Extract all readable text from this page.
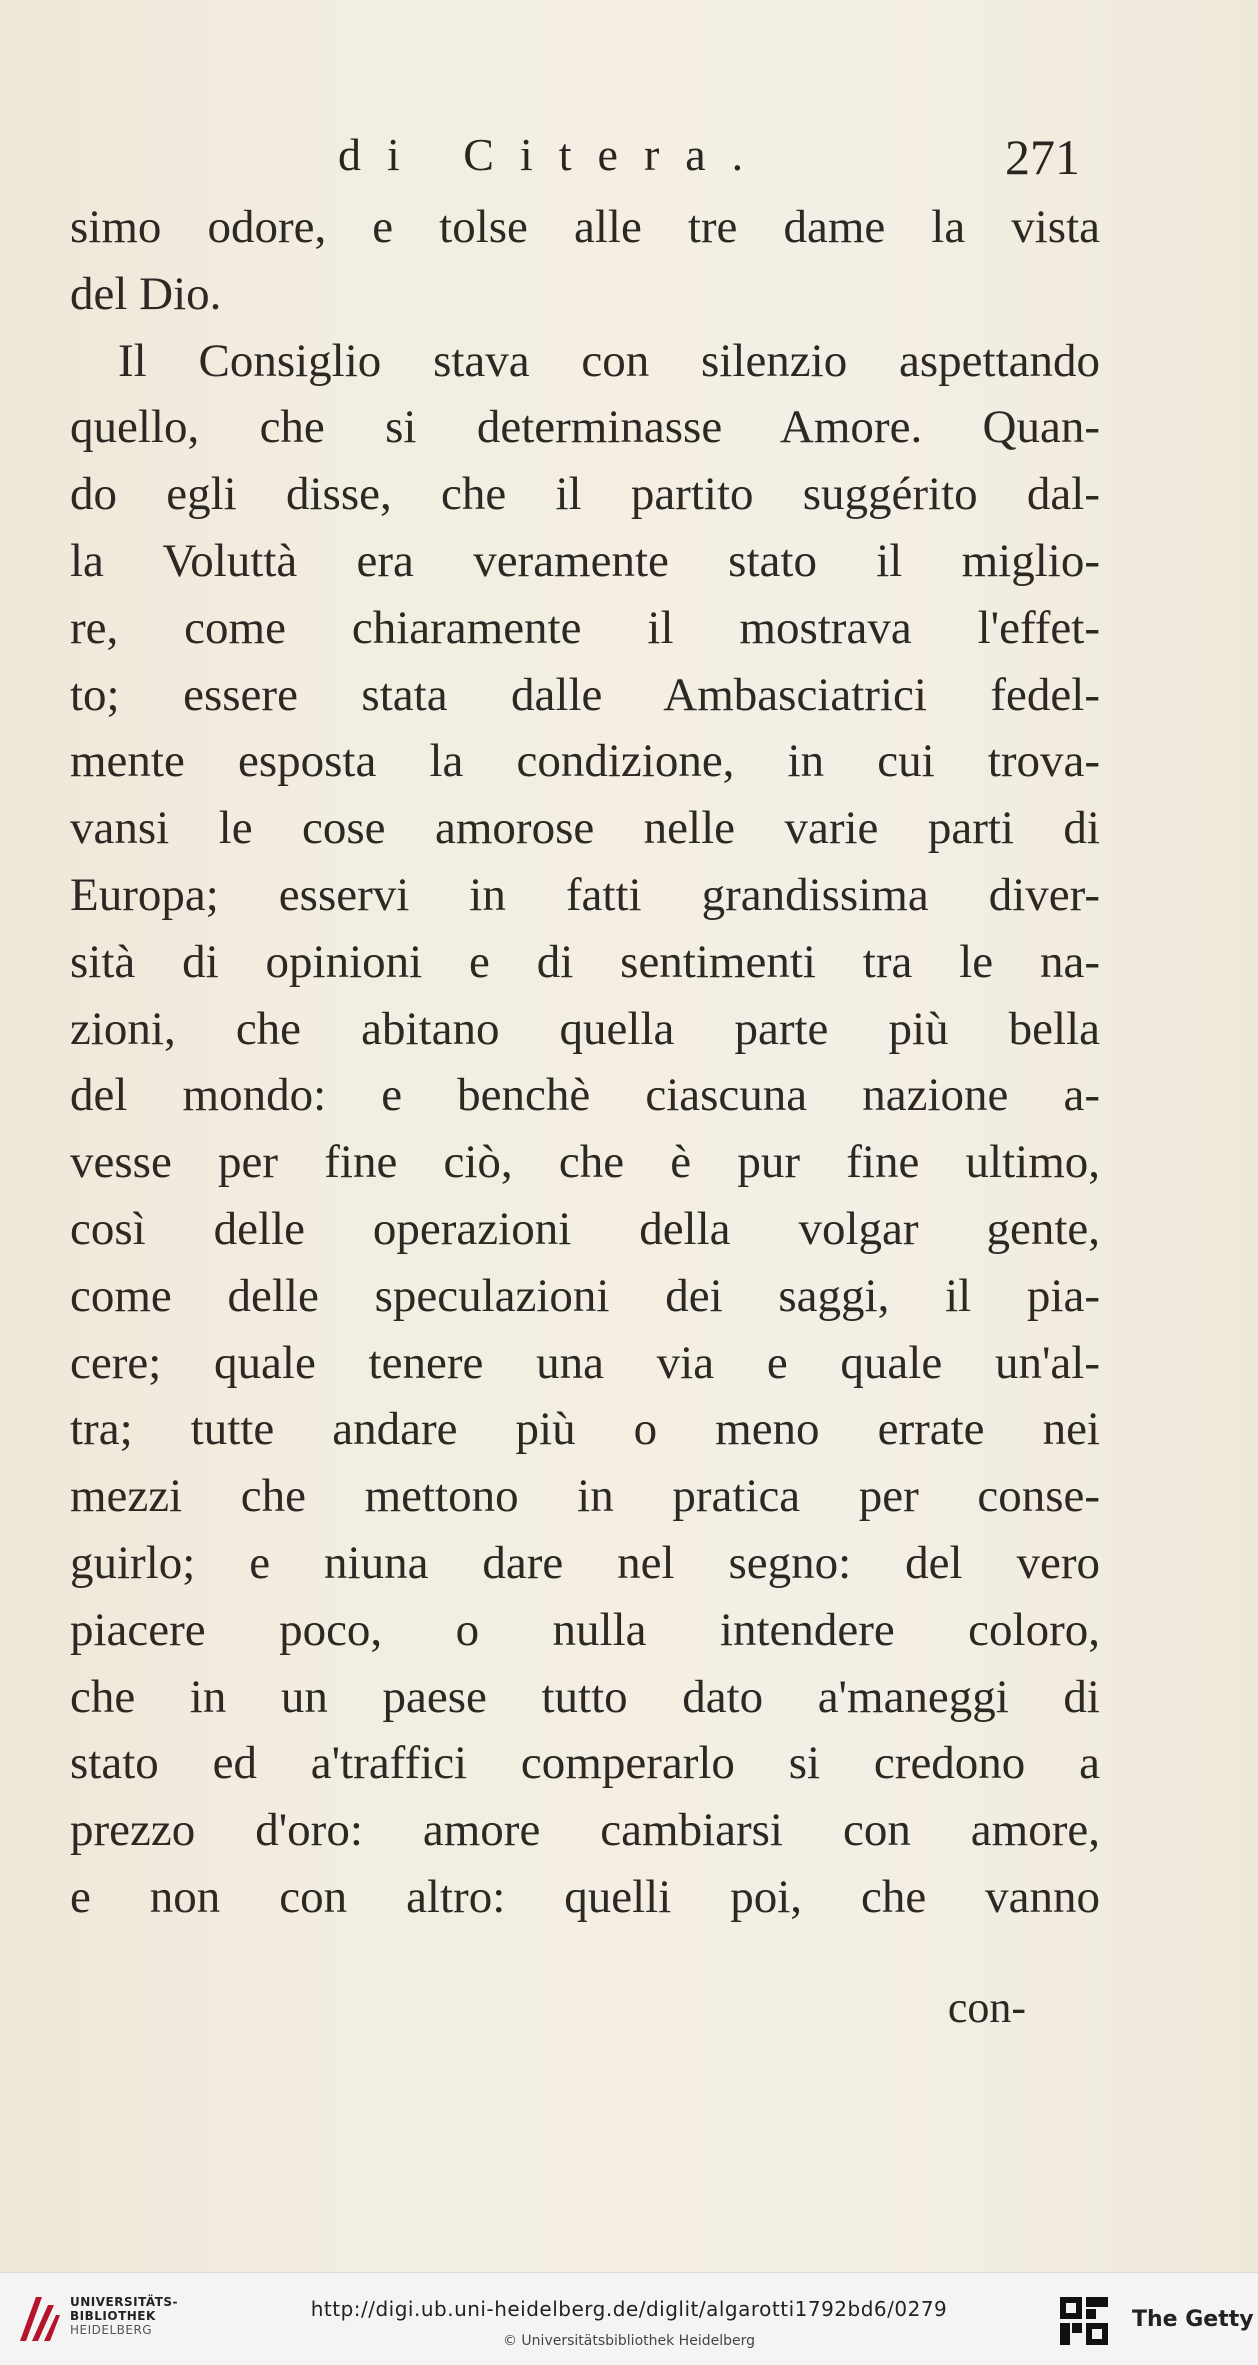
di Citera.	271
simo odore, e tolse alle tre dame la vista
del Dio.
Il Consiglio stava con silenzio aspettando
quello, che si determinasse Amore. Quan-
do egli disse, che il partito suggérito dal-
la Voluttà era veramente stato il miglio-
re, come chiaramente il mostrava l'effet-
to; essere stata dalle Ambasciatrici fedel-
mente esposta la condizione, in cui trova-
vansi le cose amorose nelle varie parti di
Europa; esservi in fatti grandissima diver-
sità di opinioni e di sentimenti tra le na-
zioni, che abitano quella parte più bella
del mondo: e benchè ciascuna nazione a-
vesse per fine ciò, che è pur fine ultimo,
così delle operazioni della volgar gente,
come delle speculazioni dei saggi, il pia-
cere; quale tenere una via e quale un'al-
tra; tutte andare più o meno errate nei
mezzi che mettono in pratica per conse-
guirlo; e niuna dare nel segno: del vero
piacere poco, o nulla intendere coloro,
che in un paese tutto dato a'maneggi di
stato ed a'traffici comperarlo si credono a
prezzo d'oro: amore cambiarsi con amore,
e non con altro: quelli poi, che vanno
con-
UNIVERSITÄTS-
BIBLIOTHEK
HEIDELBERG
http://digi.ub.uni-heidelberg.de/diglit/algarotti1792bd6/0279
© Universitätsbibliothek Heidelberg
The Getty
